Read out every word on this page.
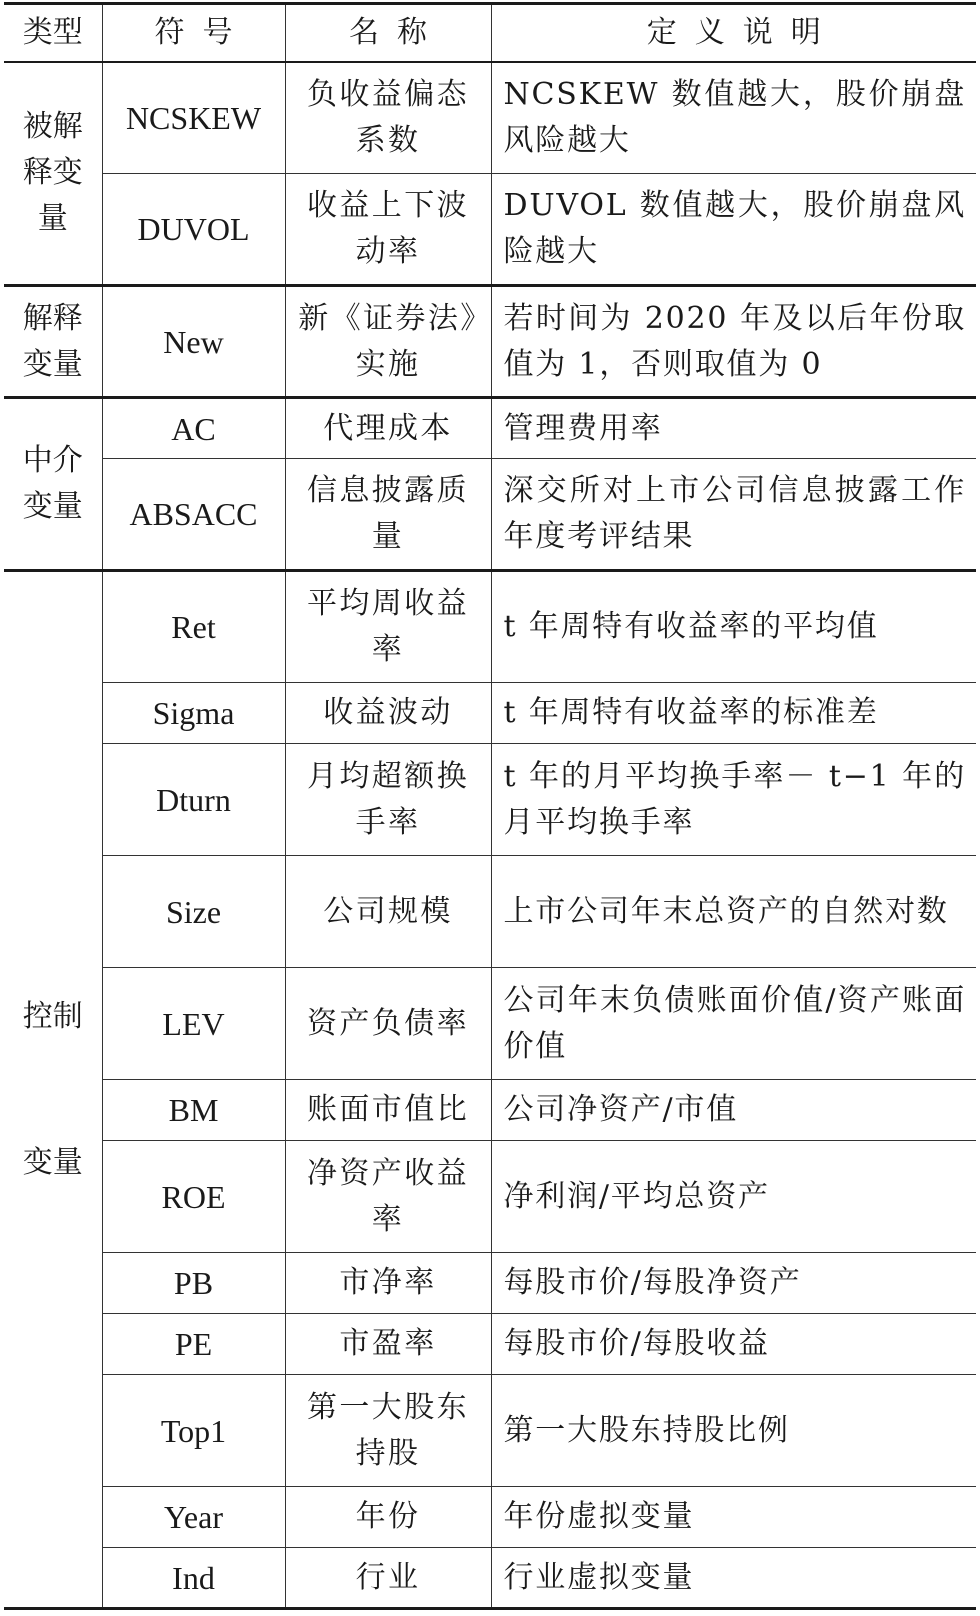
类型	符号	名称	定义说明
被解释变量	NCSKEW	负收益偏态系数	NCSKEW 数值越大，股价崩盘风险越大
	DUVOL	收益上下波动率	DUVOL 数值越大，股价崩盘风险越大
解释变量	New	新《证券法》实施	若时间为 2020 年及以后年份取值为 1，否则取值为 0
中介变量	AC	代理成本	管理费用率
	ABSACC	信息披露质量	深交所对上市公司信息披露工作年度考评结果
控制变量	Ret	平均周收益率	t 年周特有收益率的平均值
	Sigma	收益波动	t 年周特有收益率的标准差
	Dturn	月均超额换手率	t 年的月平均换手率－ t−1 年的月平均换手率
	Size	公司规模	上市公司年末总资产的自然对数
	LEV	资产负债率	公司年末负债账面价值/资产账面价值
	BM	账面市值比	公司净资产/市值
	ROE	净资产收益率	净利润/平均总资产
	PB	市净率	每股市价/每股净资产
	PE	市盈率	每股市价/每股收益
	Top1	第一大股东持股	第一大股东持股比例
	Year	年份	年份虚拟变量
	Ind	行业	行业虚拟变量
